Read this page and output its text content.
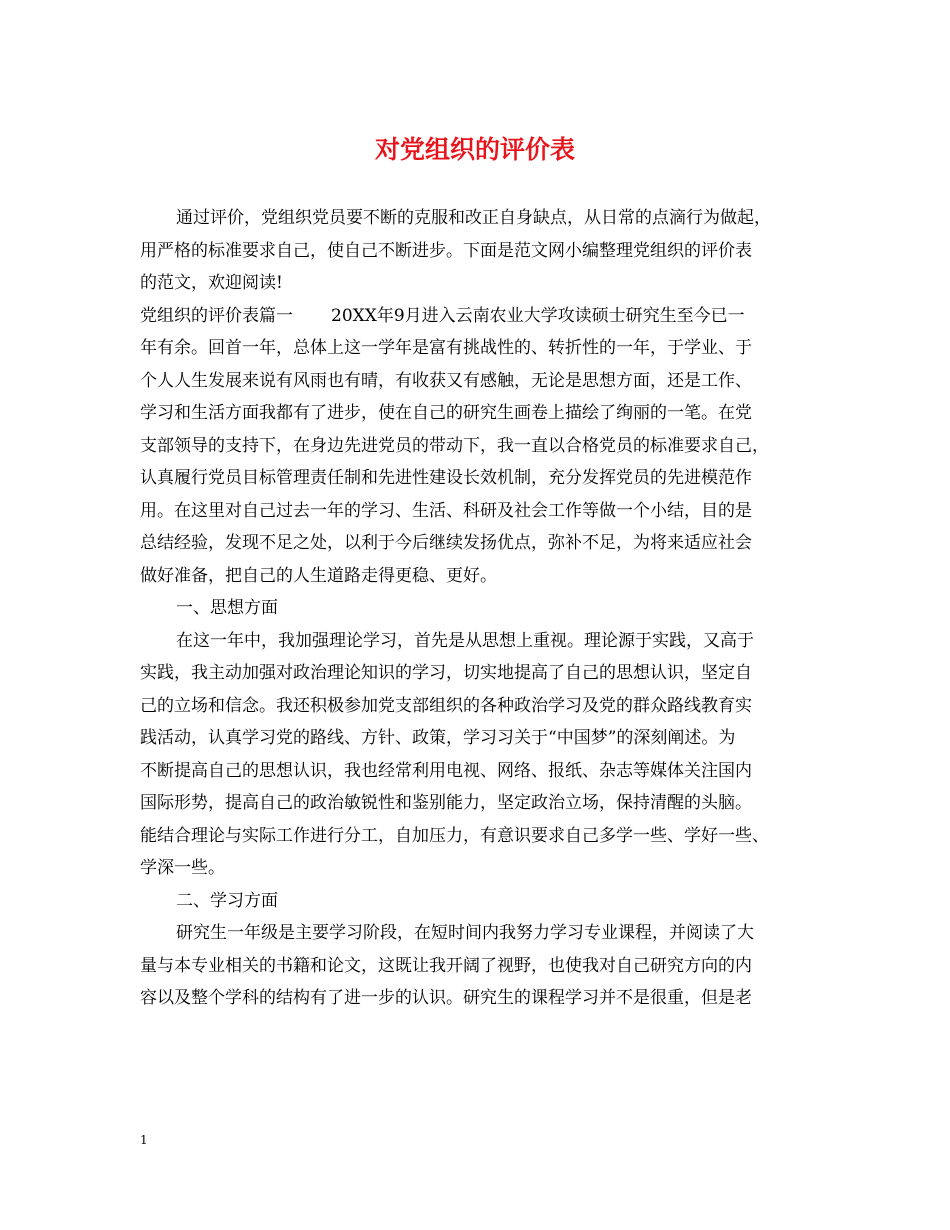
对党组织的评价表
通过评价，党组织党员要不断的克服和改正自身缺点，从日常的点滴行为做起，
用严格的标准要求自己，使自己不断进步。下面是范文网小编整理党组织的评价表
的范文，欢迎阅读!
党组织的评价表篇一 20XX年9月进入云南农业大学攻读硕士研究生至今已一
年有余。回首一年，总体上这一学年是富有挑战性的、转折性的一年，于学业、于
个人人生发展来说有风雨也有晴，有收获又有感触，无论是思想方面，还是工作、
学习和生活方面我都有了进步，使在自己的研究生画卷上描绘了绚丽的一笔。在党
支部领导的支持下，在身边先进党员的带动下，我一直以合格党员的标准要求自己，
认真履行党员目标管理责任制和先进性建设长效机制，充分发挥党员的先进模范作
用。在这里对自己过去一年的学习、生活、科研及社会工作等做一个小结，目的是
总结经验，发现不足之处，以利于今后继续发扬优点，弥补不足，为将来适应社会
做好准备，把自己的人生道路走得更稳、更好。
一、思想方面
在这一年中，我加强理论学习，首先是从思想上重视。理论源于实践，又高于
实践，我主动加强对政治理论知识的学习，切实地提高了自己的思想认识，坚定自
己的立场和信念。我还积极参加党支部组织的各种政治学习及党的群众路线教育实
践活动，认真学习党的路线、方针、政策，学习习关于“中国梦”的深刻阐述。为
不断提高自己的思想认识，我也经常利用电视、网络、报纸、杂志等媒体关注国内
国际形势，提高自己的政治敏锐性和鉴别能力，坚定政治立场，保持清醒的头脑。
能结合理论与实际工作进行分工，自加压力，有意识要求自己多学一些、学好一些、
学深一些。
二、学习方面
研究生一年级是主要学习阶段，在短时间内我努力学习专业课程，并阅读了大
量与本专业相关的书籍和论文，这既让我开阔了视野，也使我对自己研究方向的内
容以及整个学科的结构有了进一步的认识。研究生的课程学习并不是很重，但是老
1
